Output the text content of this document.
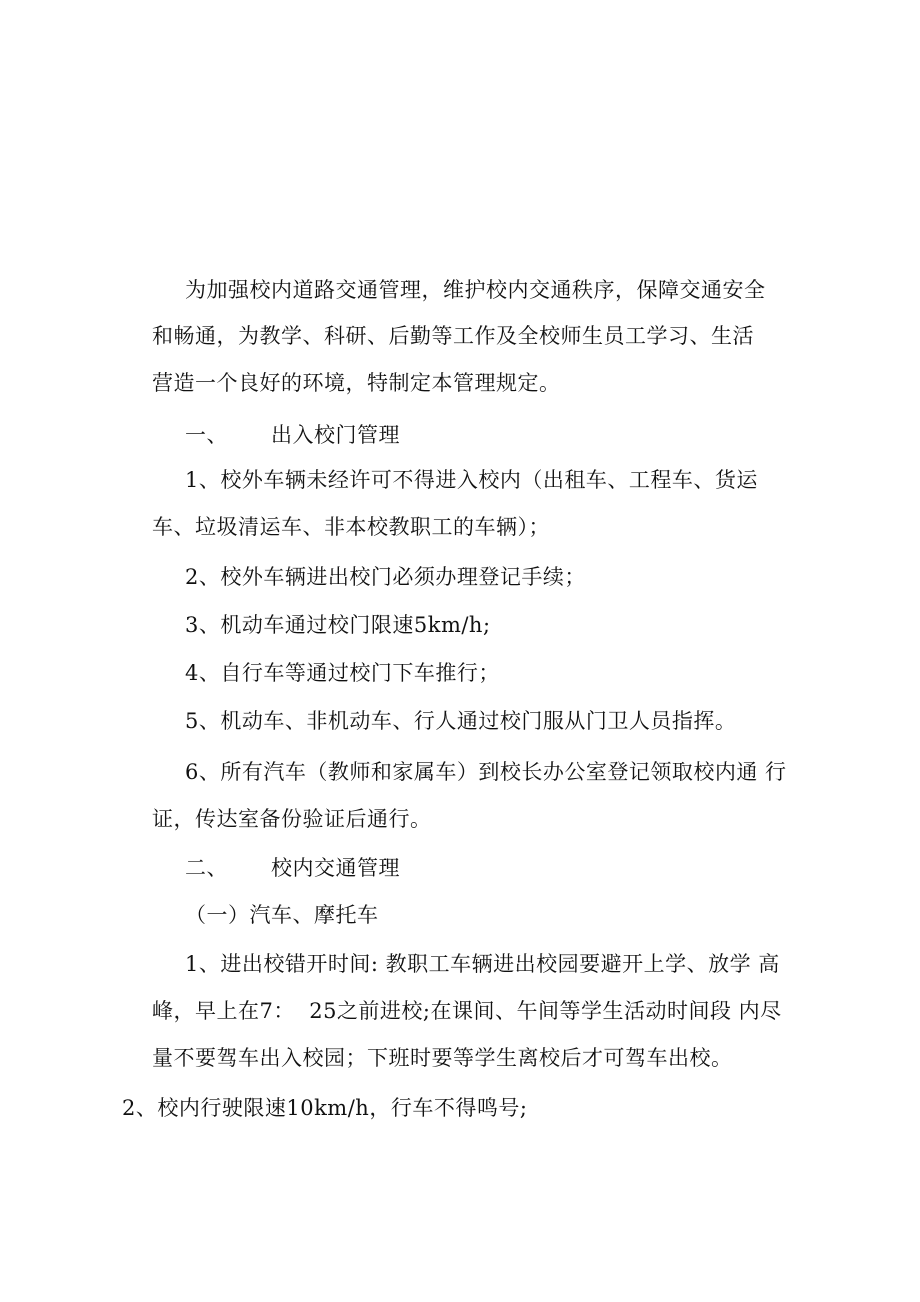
为加强校内道路交通管理，维护校内交通秩序，保障交通安全
和畅通，为教学、科研、后勤等工作及全校师生员工学习、生活
营造一个良好的环境，特制定本管理规定。
一、      出入校门管理
1、校外车辆未经许可不得进入校内（出租车、工程车、货运
车、垃圾清运车、非本校教职工的车辆）；
2、校外车辆进出校门必须办理登记手续；
3、机动车通过校门限速5km/h;
4、自行车等通过校门下车推行；
5、机动车、非机动车、行人通过校门服从门卫人员指挥。
6、所有汽车（教师和家属车）到校长办公室登记领取校内通 行
证，传达室备份验证后通行。
二、      校内交通管理
（一）汽车、摩托车
1、进出校错开时间: 教职工车辆进出校园要避开上学、放学 高
峰，早上在7：  25之前进校;在课间、午间等学生活动时间段 内尽
量不要驾车出入校园；下班时要等学生离校后才可驾车出校。
2、校内行驶限速10km/h，行车不得鸣号;
